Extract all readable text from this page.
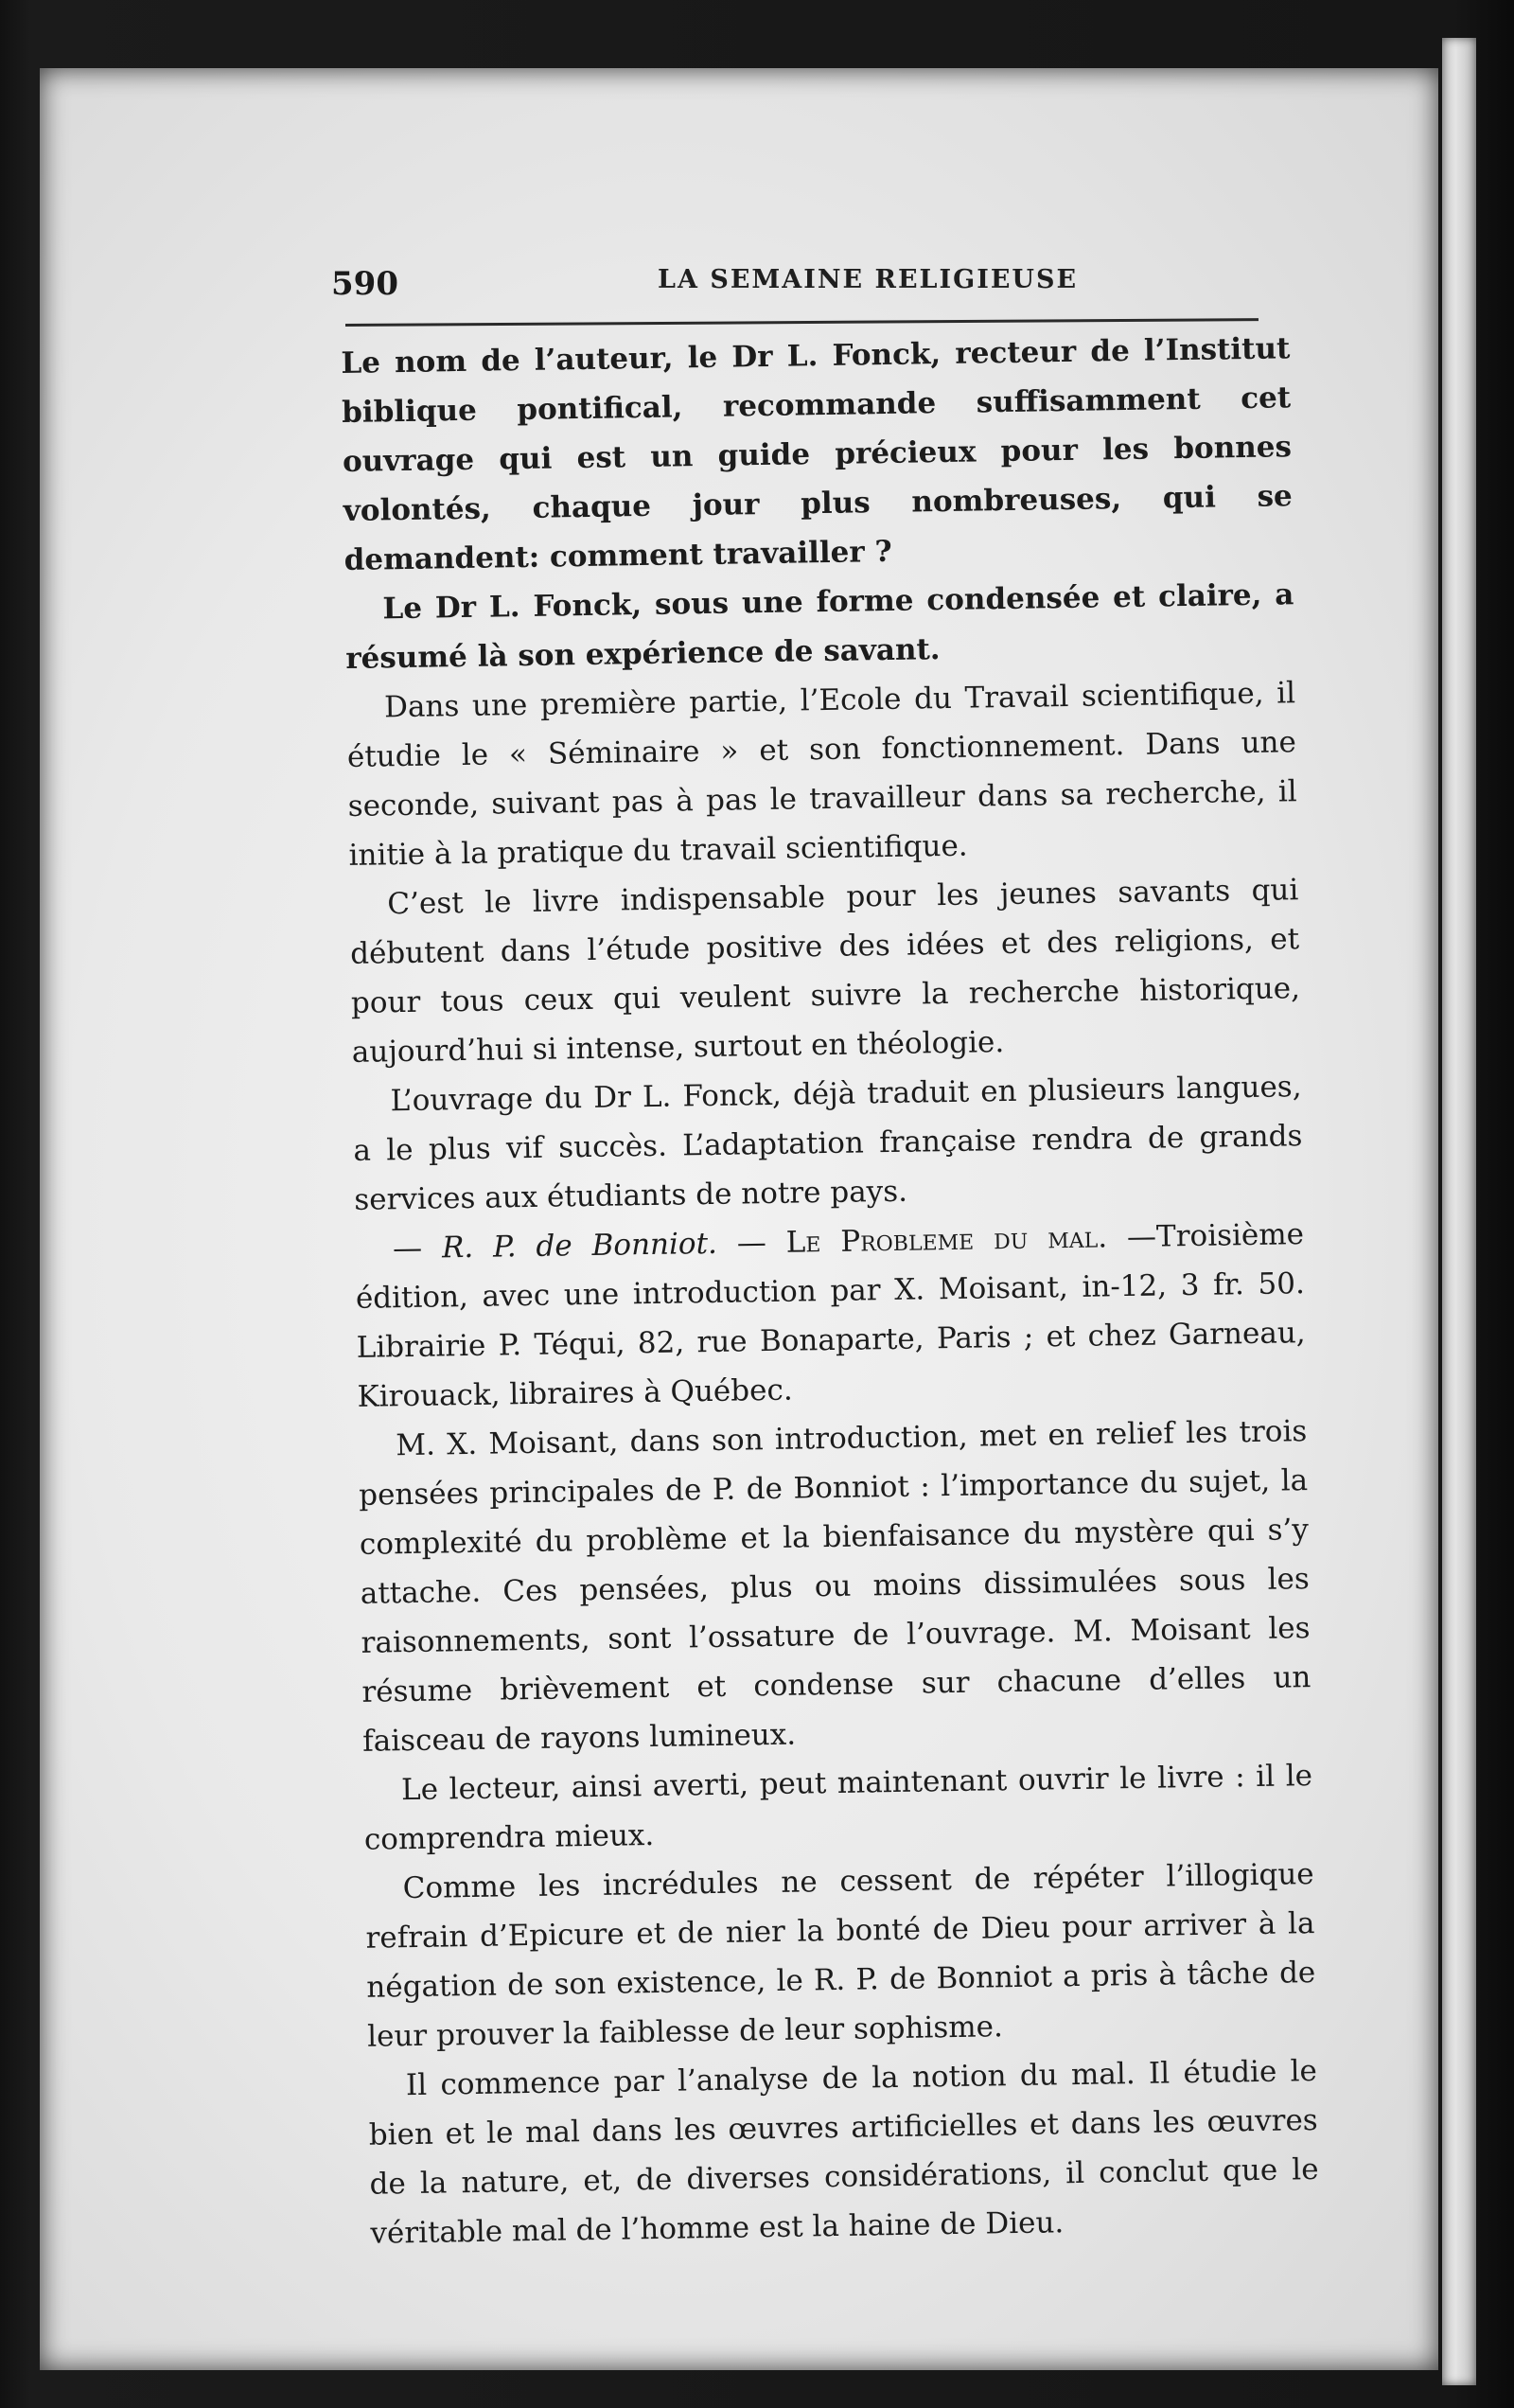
590	LA SEMAINE RELIGIEUSE

Le nom de l’auteur, le Dr L. Fonck, recteur de l’Institut biblique pontifical, recommande suffisamment cet ouvrage qui est un guide précieux pour les bonnes volontés, chaque jour plus nombreuses, qui se demandent: comment travailler ?

Le Dr L. Fonck, sous une forme condensée et claire, a résumé là son expérience de savant.

Dans une première partie, l’Ecole du Travail scientifique, il étudie le « Séminaire » et son fonctionnement. Dans une seconde, suivant pas à pas le travailleur dans sa recherche, il initie à la pratique du travail scientifique.

C’est le livre indispensable pour les jeunes savants qui débutent dans l’étude positive des idées et des religions, et pour tous ceux qui veulent suivre la recherche historique, aujourd’hui si intense, surtout en théologie.

L’ouvrage du Dr L. Fonck, déjà traduit en plusieurs langues, a le plus vif succès. L’adaptation française rendra de grands services aux étudiants de notre pays.

— R. P. de Bonniot. — Le Probleme du mal. —Troisième édition, avec une introduction par X. Moisant, in-12, 3 fr. 50. Librairie P. Téqui, 82, rue Bonaparte, Paris ; et chez Garneau, Kirouack, libraires à Québec.

M. X. Moisant, dans son introduction, met en relief les trois pensées principales de P. de Bonniot : l’importance du sujet, la complexité du problème et la bienfaisance du mystère qui s’y attache. Ces pensées, plus ou moins dissimulées sous les raisonnements, sont l’ossature de l’ouvrage. M. Moisant les résume brièvement et condense sur chacune d’elles un faisceau de rayons lumineux.

Le lecteur, ainsi averti, peut maintenant ouvrir le livre : il le comprendra mieux.

Comme les incrédules ne cessent de répéter l’illogique refrain d’Epicure et de nier la bonté de Dieu pour arriver à la négation de son existence, le R. P. de Bonniot a pris à tâche de leur prouver la faiblesse de leur sophisme.

Il commence par l’analyse de la notion du mal. Il étudie le bien et le mal dans les œuvres artificielles et dans les œuvres de la nature, et, de diverses considérations, il conclut que le véritable mal de l’homme est la haine de Dieu.
